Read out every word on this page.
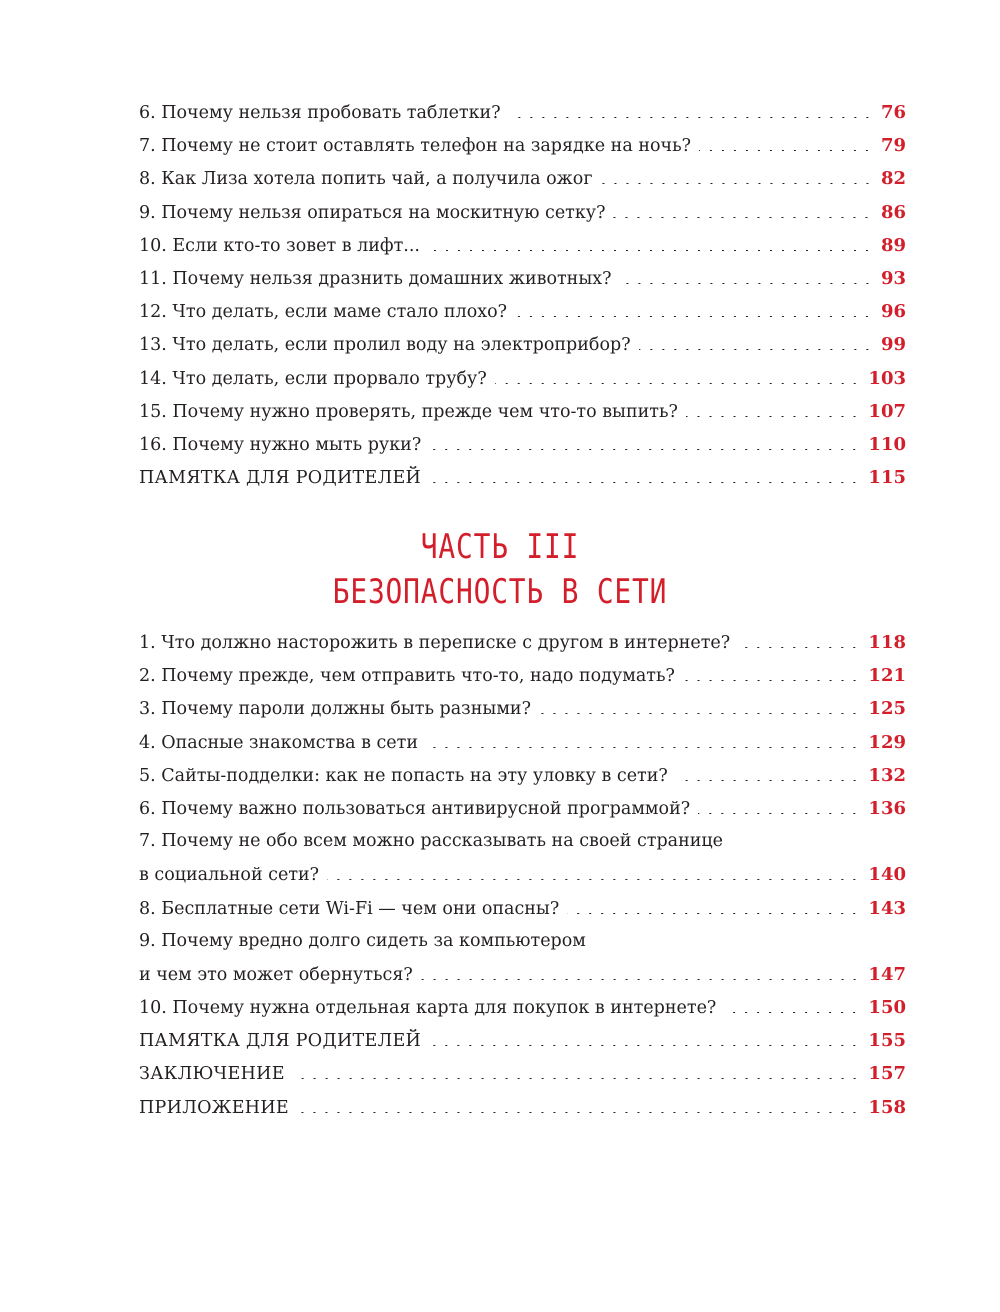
6. Почему нельзя пробовать таблетки?	76
7. Почему не стоит оставлять телефон на зарядке на ночь?	79
8. Как Лиза хотела попить чай, а получила ожог	82
9. Почему нельзя опираться на москитную сетку?	86
10. Если кто-то зовет в лифт...	89
11. Почему нельзя дразнить домашних животных?	93
12. Что делать, если маме стало плохо?	96
13. Что делать, если пролил воду на электроприбор?	99
14. Что делать, если прорвало трубу?	103
15. Почему нужно проверять, прежде чем что-то выпить?	107
16. Почему нужно мыть руки?	110
ПАМЯТКА ДЛЯ РОДИТЕЛЕЙ	115
ЧАСТЬ III
БЕЗОПАСНОСТЬ В СЕТИ
1. Что должно насторожить в переписке с другом в интернете?	118
2. Почему прежде, чем отправить что-то, надо подумать?	121
3. Почему пароли должны быть разными?	125
4. Опасные знакомства в сети	129
5. Сайты-подделки: как не попасть на эту уловку в сети?	132
6. Почему важно пользоваться антивирусной программой?	136
7. Почему не обо всем можно рассказывать на своей странице
в социальной сети?	140
8. Бесплатные сети Wi-Fi — чем они опасны?	143
9. Почему вредно долго сидеть за компьютером
и чем это может обернуться?	147
10. Почему нужна отдельная карта для покупок в интернете?	150
ПАМЯТКА ДЛЯ РОДИТЕЛЕЙ	155
ЗАКЛЮЧЕНИЕ	157
ПРИЛОЖЕНИЕ	158
